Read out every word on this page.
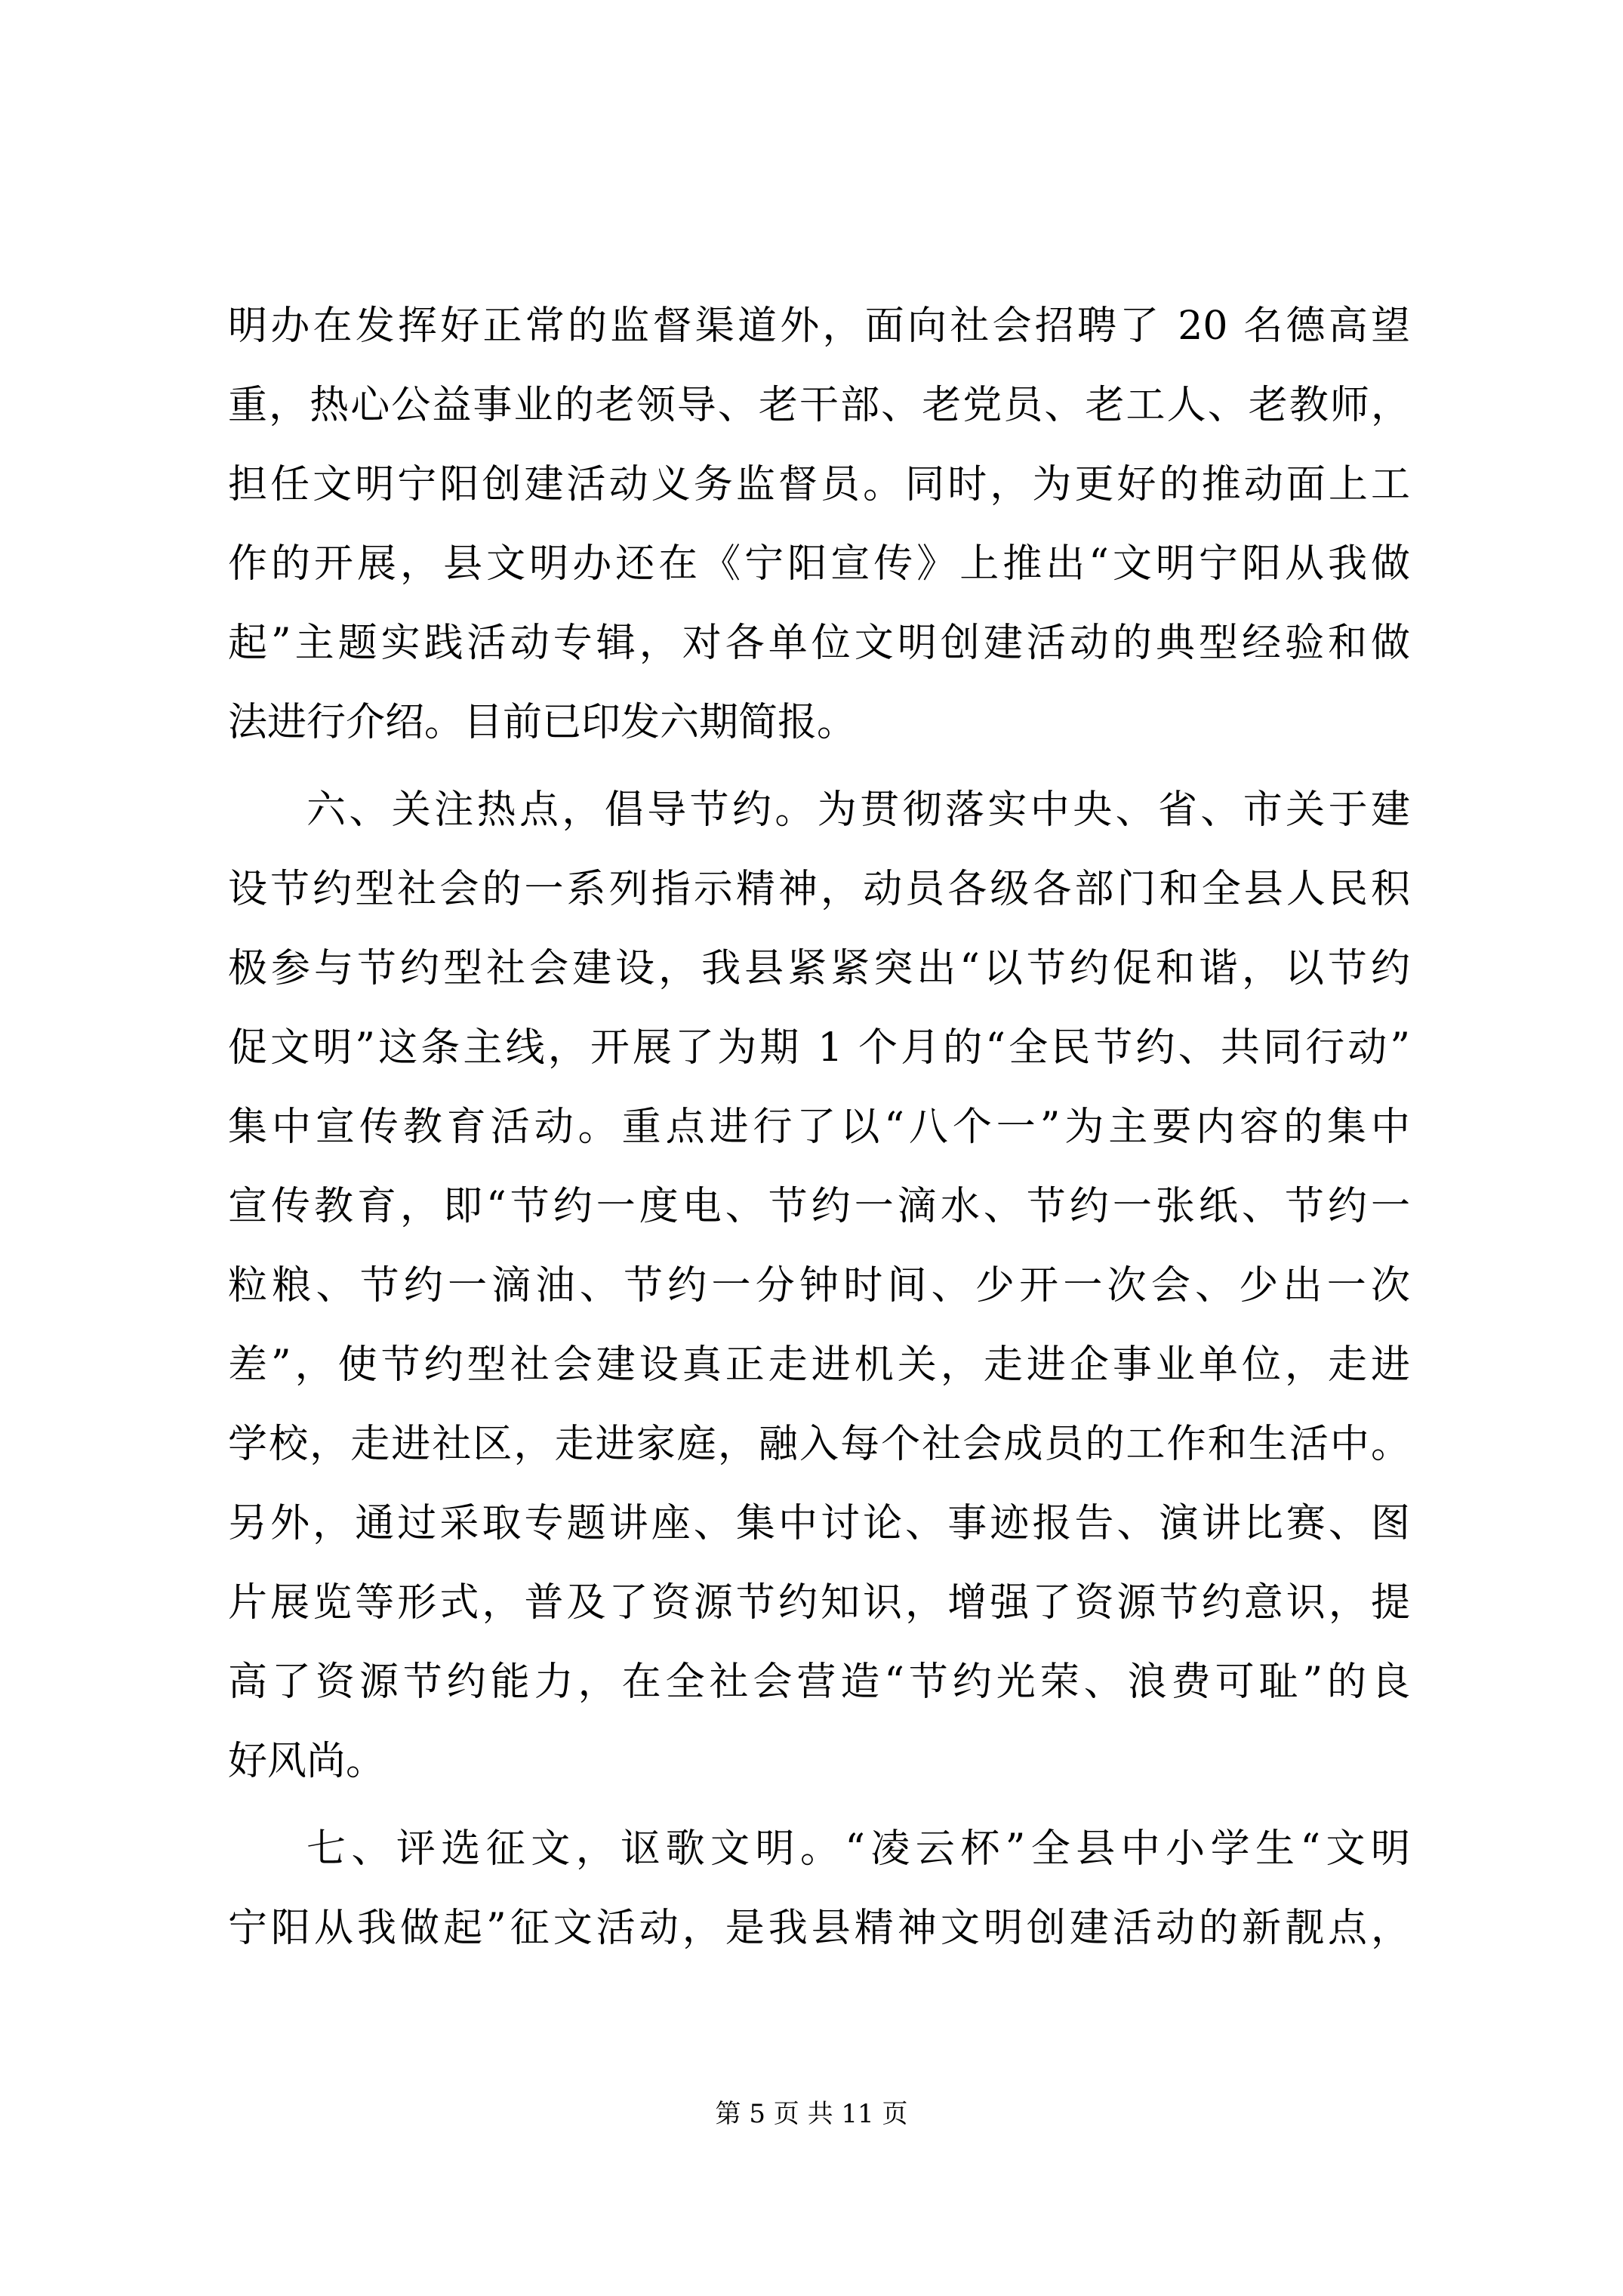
明办在发挥好正常的监督渠道外，面向社会招聘了 20 名德高望
重，热心公益事业的老领导、老干部、老党员、老工人、老教师，
担任文明宁阳创建活动义务监督员。同时，为更好的推动面上工
作的开展，县文明办还在《宁阳宣传》上推出“文明宁阳从我做
起”主题实践活动专辑，对各单位文明创建活动的典型经验和做
法进行介绍。目前已印发六期简报。
六、关注热点，倡导节约。为贯彻落实中央、省、市关于建
设节约型社会的一系列指示精神，动员各级各部门和全县人民积
极参与节约型社会建设，我县紧紧突出“以节约促和谐，以节约
促文明”这条主线，开展了为期 1 个月的“全民节约、共同行动”
集中宣传教育活动。重点进行了以“八个一”为主要内容的集中
宣传教育，即“节约一度电、节约一滴水、节约一张纸、节约一
粒粮、节约一滴油、节约一分钟时间、少开一次会、少出一次
差”，使节约型社会建设真正走进机关，走进企事业单位，走进
学校，走进社区，走进家庭，融入每个社会成员的工作和生活中。
另外，通过采取专题讲座、集中讨论、事迹报告、演讲比赛、图
片展览等形式，普及了资源节约知识，增强了资源节约意识，提
高了资源节约能力，在全社会营造“节约光荣、浪费可耻”的良
好风尚。
七、评选征文，讴歌文明。“凌云杯”全县中小学生“文明
宁阳从我做起”征文活动，是我县精神文明创建活动的新靓点，
第 5 页 共 11 页
